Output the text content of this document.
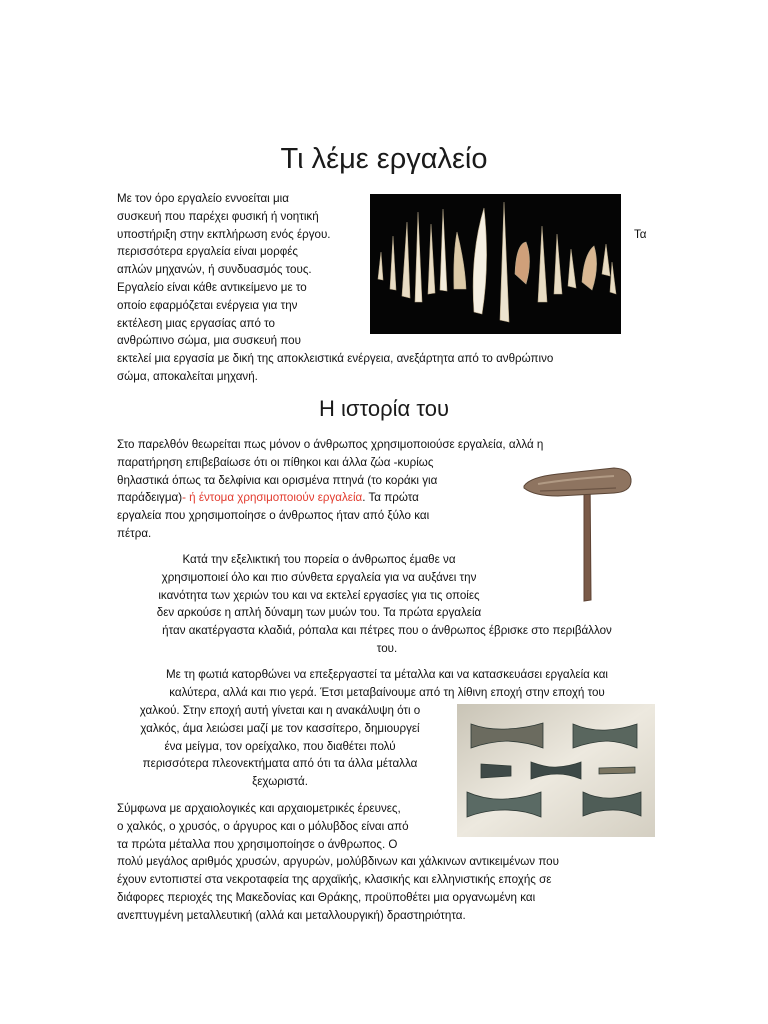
Τι λέμε εργαλείο
Με τον όρο εργαλείο εννοείται μια
συσκευή που παρέχει φυσική ή νοητική
υποστήριξη στην εκπλήρωση ενός έργου.
περισσότερα εργαλεία είναι μορφές
απλών μηχανών, ή συνδυασμός τους.
Εργαλείο είναι κάθε αντικείμενο με το
οποίο εφαρμόζεται ενέργεια για την
εκτέλεση μιας εργασίας από το
ανθρώπινο σώμα, μια συσκευή που
εκτελεί μια εργασία με δική της αποκλειστικά ενέργεια, ανεξάρτητα από το ανθρώπινο
σώμα, αποκαλείται μηχανή.
Τα
Η ιστορία του
Στο παρελθόν θεωρείται πως μόνον ο άνθρωπος χρησιμοποιούσε εργαλεία, αλλά η
παρατήρηση επιβεβαίωσε ότι οι πίθηκοι και άλλα ζώα -κυρίως
θηλαστικά όπως τα δελφίνια και ορισμένα πτηνά (το κοράκι για
παράδειγμα)- ή έντομα χρησιμοποιούν εργαλεία. Τα πρώτα
εργαλεία που χρησιμοποίησε ο άνθρωπος ήταν από ξύλο και
πέτρα.
Κατά την εξελικτική του πορεία ο άνθρωπος έμαθε να
χρησιμοποιεί όλο και πιο σύνθετα εργαλεία για να αυξάνει την
ικανότητα των χεριών του και να εκτελεί εργασίες για τις οποίες
δεν αρκούσε η απλή δύναμη των μυών του. Τα πρώτα εργαλεία
ήταν ακατέργαστα κλαδιά, ρόπαλα και πέτρες που ο άνθρωπος έβρισκε στο περιβάλλον
του.
Με τη φωτιά κατορθώνει να επεξεργαστεί τα μέταλλα και να κατασκευάσει εργαλεία και
καλύτερα, αλλά και πιο γερά. Έτσι μεταβαίνουμε από τη λίθινη εποχή στην εποχή του
χαλκού. Στην εποχή αυτή γίνεται και η ανακάλυψη ότι ο
χαλκός, άμα λειώσει μαζί με τον κασσίτερο, δημιουργεί
ένα μείγμα, τον ορείχαλκο, που διαθέτει πολύ
περισσότερα πλεονεκτήματα από ότι τα άλλα μέταλλα
ξεχωριστά.
Σύμφωνα με αρχαιολογικές και αρχαιομετρικές έρευνες,
ο χαλκός, ο χρυσός, ο άργυρος και ο μόλυβδος είναι από
τα πρώτα μέταλλα που χρησιμοποίησε ο άνθρωπος. Ο
πολύ μεγάλος αριθμός χρυσών, αργυρών, μολύβδινων και χάλκινων αντικειμένων που
έχουν εντοπιστεί στα νεκροταφεία της αρχαϊκής, κλασικής και ελληνιστικής εποχής σε
διάφορες περιοχές της Μακεδονίας και Θράκης, προϋποθέτει μια οργανωμένη και
ανεπτυγμένη μεταλλευτική (αλλά και μεταλλουργική) δραστηριότητα.
